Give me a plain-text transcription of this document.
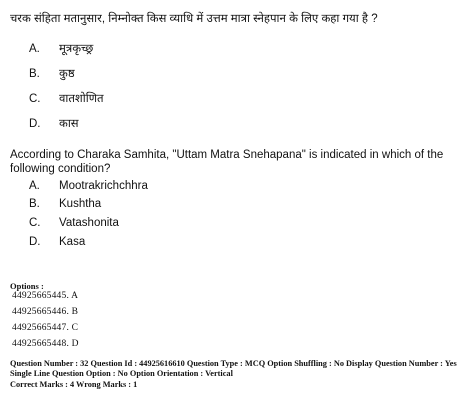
चरक संहिता मतानुसार, निम्नोक्त किस व्याधि में उत्तम मात्रा स्नेहपान के लिए कहा गया है ?
A.	मूत्रकृच्छ्र
B.	कुष्ठ
C.	वातशोणित
D.	कास
According to Charaka Samhita, "Uttam Matra Snehapana" is indicated in which of the following condition?
A.	Mootrakrichchhra
B.	Kushtha
C.	Vatashonita
D.	Kasa
Options :
44925665445. A
44925665446. B
44925665447. C
44925665448. D
Question Number : 32 Question Id : 44925616610 Question Type : MCQ Option Shuffling : No Display Question Number : Yes
Single Line Question Option : No Option Orientation : Vertical
Correct Marks : 4 Wrong Marks : 1
